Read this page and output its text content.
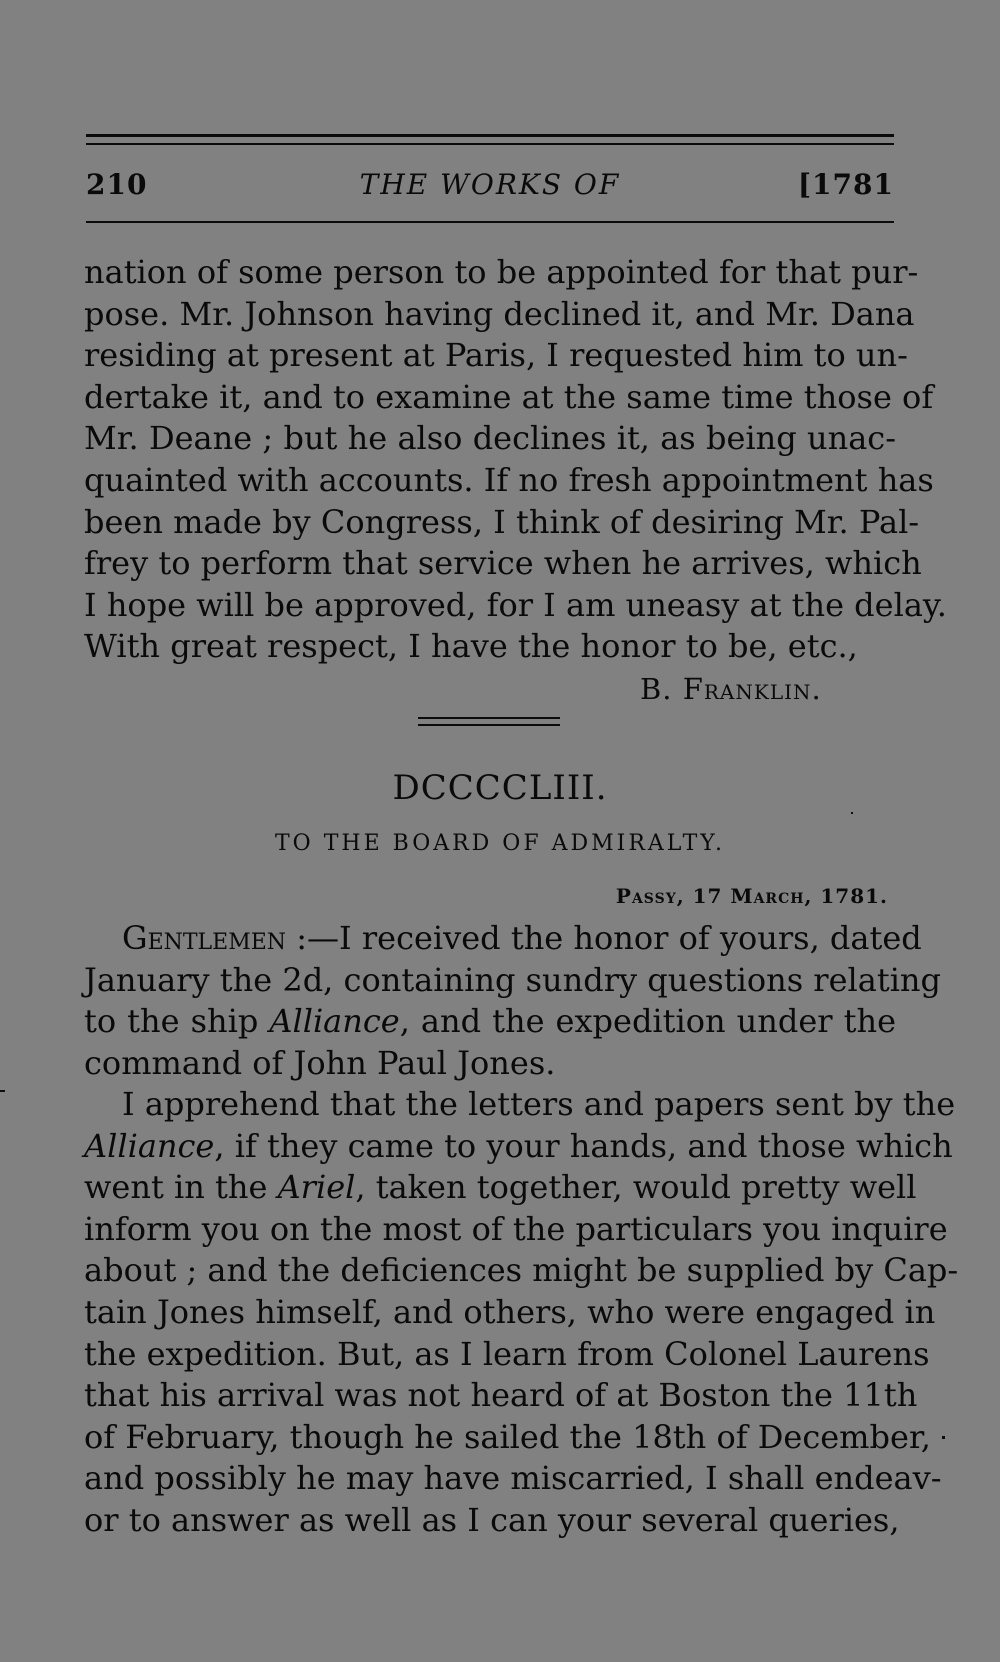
210	THE WORKS OF	[1781
nation of some person to be appointed for that pur-
pose. Mr. Johnson having declined it, and Mr. Dana
residing at present at Paris, I requested him to un-
dertake it, and to examine at the same time those of
Mr. Deane ; but he also declines it, as being unac-
quainted with accounts. If no fresh appointment has
been made by Congress, I think of desiring Mr. Pal-
frey to perform that service when he arrives, which
I hope will be approved, for I am uneasy at the delay.
With great respect, I have the honor to be, etc.,
B. Franklin.
DCCCCLIII.
TO THE BOARD OF ADMIRALTY.
Passy, 17 March, 1781.
Gentlemen :—I received the honor of yours, dated
January the 2d, containing sundry questions relating
to the ship Alliance, and the expedition under the
command of John Paul Jones.
I apprehend that the letters and papers sent by the
Alliance, if they came to your hands, and those which
went in the Ariel, taken together, would pretty well
inform you on the most of the particulars you inquire
about ; and the deficiences might be supplied by Cap-
tain Jones himself, and others, who were engaged in
the expedition. But, as I learn from Colonel Laurens
that his arrival was not heard of at Boston the 11th
of February, though he sailed the 18th of December,
and possibly he may have miscarried, I shall endeav-
or to answer as well as I can your several queries,
